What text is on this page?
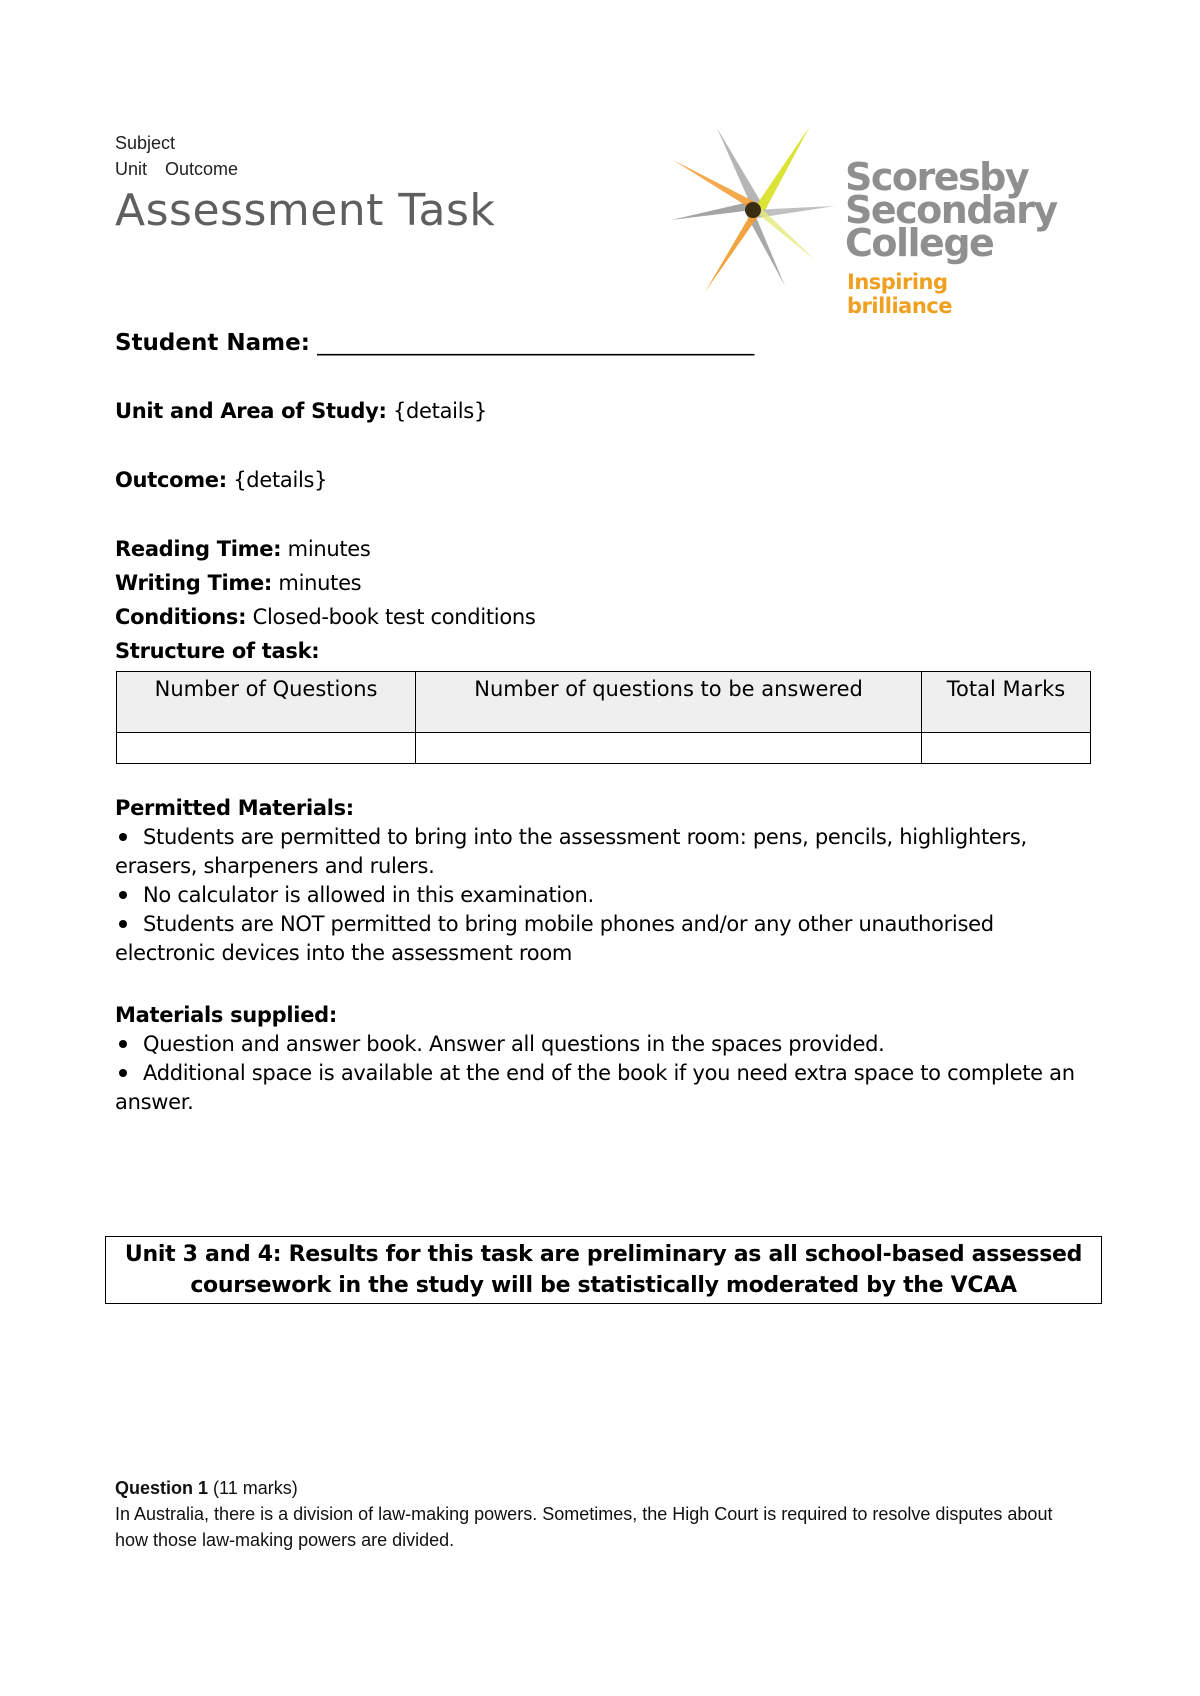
Subject
Unit Outcome
Assessment Task
Scoresby
Secondary
College
Inspiring brilliance
Student Name: ______________________________________
Unit and Area of Study: {details}
Outcome: {details}
Reading Time: minutes
Writing Time: minutes
Conditions: Closed-book test conditions
Structure of task:
Number of Questions	Number of questions to be answered	Total Marks

Permitted Materials:
Students are permitted to bring into the assessment room: pens, pencils, highlighters, erasers, sharpeners and rulers.
No calculator is allowed in this examination.
Students are NOT permitted to bring mobile phones and/or any other unauthorised electronic devices into the assessment room
Materials supplied:
Question and answer book. Answer all questions in the spaces provided.
Additional space is available at the end of the book if you need extra space to complete an answer.
Unit 3 and 4: Results for this task are preliminary as all school-based assessed coursework in the study will be statistically moderated by the VCAA
Question 1 (11 marks)
In Australia, there is a division of law-making powers. Sometimes, the High Court is required to resolve disputes about how those law-making powers are divided.
